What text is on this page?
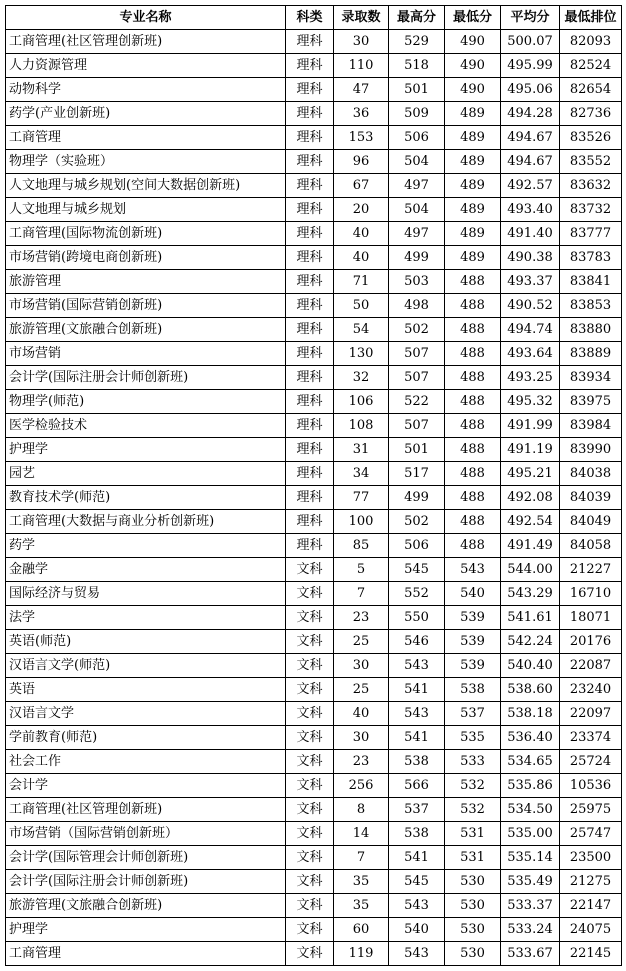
专业名称	科类	录取数	最高分	最低分	平均分	最低排位
工商管理(社区管理创新班)	理科	30	529	490	500.07	82093
人力资源管理	理科	110	518	490	495.99	82524
动物科学	理科	47	501	490	495.06	82654
药学(产业创新班)	理科	36	509	489	494.28	82736
工商管理	理科	153	506	489	494.67	83526
物理学（实验班）	理科	96	504	489	494.67	83552
人文地理与城乡规划(空间大数据创新班)	理科	67	497	489	492.57	83632
人文地理与城乡规划	理科	20	504	489	493.40	83732
工商管理(国际物流创新班)	理科	40	497	489	491.40	83777
市场营销(跨境电商创新班)	理科	40	499	489	490.38	83783
旅游管理	理科	71	503	488	493.37	83841
市场营销(国际营销创新班)	理科	50	498	488	490.52	83853
旅游管理(文旅融合创新班)	理科	54	502	488	494.74	83880
市场营销	理科	130	507	488	493.64	83889
会计学(国际注册会计师创新班)	理科	32	507	488	493.25	83934
物理学(师范)	理科	106	522	488	495.32	83975
医学检验技术	理科	108	507	488	491.99	83984
护理学	理科	31	501	488	491.19	83990
园艺	理科	34	517	488	495.21	84038
教育技术学(师范)	理科	77	499	488	492.08	84039
工商管理(大数据与商业分析创新班)	理科	100	502	488	492.54	84049
药学	理科	85	506	488	491.49	84058
金融学	文科	5	545	543	544.00	21227
国际经济与贸易	文科	7	552	540	543.29	16710
法学	文科	23	550	539	541.61	18071
英语(师范)	文科	25	546	539	542.24	20176
汉语言文学(师范)	文科	30	543	539	540.40	22087
英语	文科	25	541	538	538.60	23240
汉语言文学	文科	40	543	537	538.18	22097
学前教育(师范)	文科	30	541	535	536.40	23374
社会工作	文科	23	538	533	534.65	25724
会计学	文科	256	566	532	535.86	10536
工商管理(社区管理创新班)	文科	8	537	532	534.50	25975
市场营销（国际营销创新班）	文科	14	538	531	535.00	25747
会计学(国际管理会计师创新班)	文科	7	541	531	535.14	23500
会计学(国际注册会计师创新班)	文科	35	545	530	535.49	21275
旅游管理(文旅融合创新班)	文科	35	543	530	533.37	22147
护理学	文科	60	540	530	533.24	24075
工商管理	文科	119	543	530	533.67	22145
